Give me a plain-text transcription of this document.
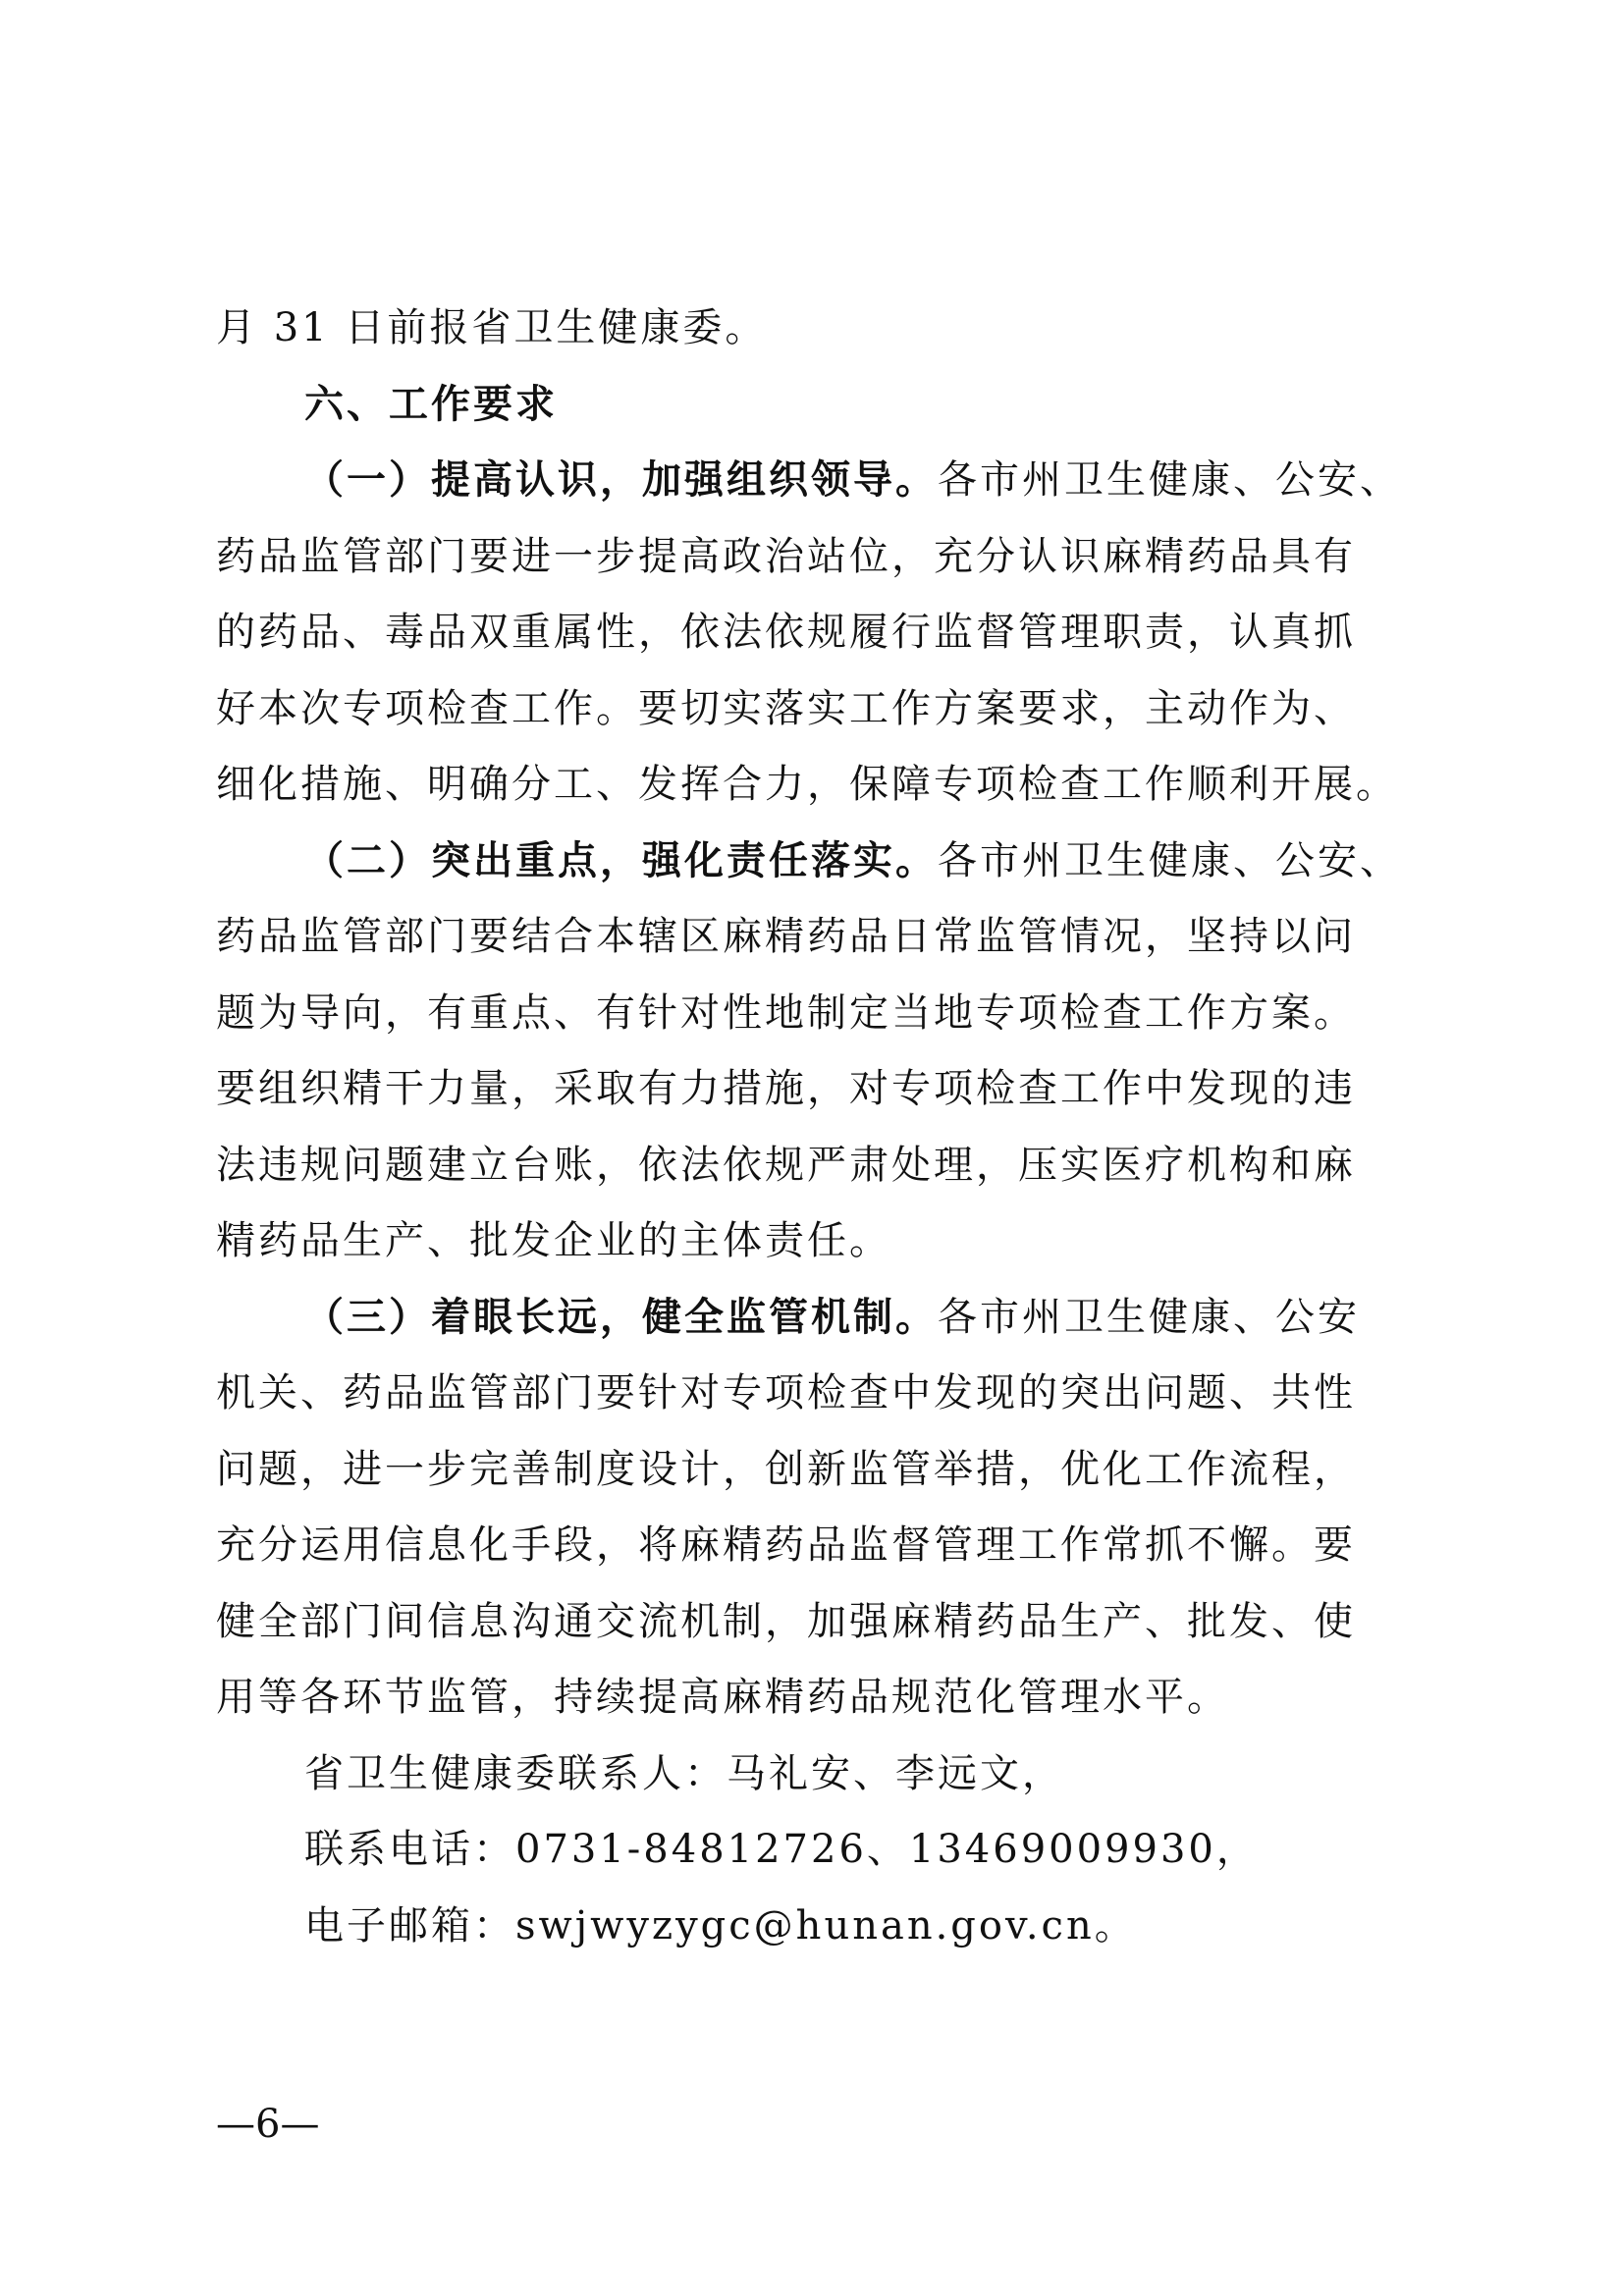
月 31 日前报省卫生健康委。
六、工作要求
（一）提高认识，加强组织领导。各市州卫生健康、公安、
药品监管部门要进一步提高政治站位，充分认识麻精药品具有
的药品、毒品双重属性，依法依规履行监督管理职责，认真抓
好本次专项检查工作。要切实落实工作方案要求，主动作为、
细化措施、明确分工、发挥合力，保障专项检查工作顺利开展。
（二）突出重点，强化责任落实。各市州卫生健康、公安、
药品监管部门要结合本辖区麻精药品日常监管情况，坚持以问
题为导向，有重点、有针对性地制定当地专项检查工作方案。
要组织精干力量，采取有力措施，对专项检查工作中发现的违
法违规问题建立台账，依法依规严肃处理，压实医疗机构和麻
精药品生产、批发企业的主体责任。
（三）着眼长远，健全监管机制。各市州卫生健康、公安
机关、药品监管部门要针对专项检查中发现的突出问题、共性
问题，进一步完善制度设计，创新监管举措，优化工作流程，
充分运用信息化手段，将麻精药品监督管理工作常抓不懈。要
健全部门间信息沟通交流机制，加强麻精药品生产、批发、使
用等各环节监管，持续提高麻精药品规范化管理水平。
省卫生健康委联系人：马礼安、李远文，
联系电话：0731-84812726、13469009930，
电子邮箱：swjwyzygc@hunan.gov.cn。
—6—
